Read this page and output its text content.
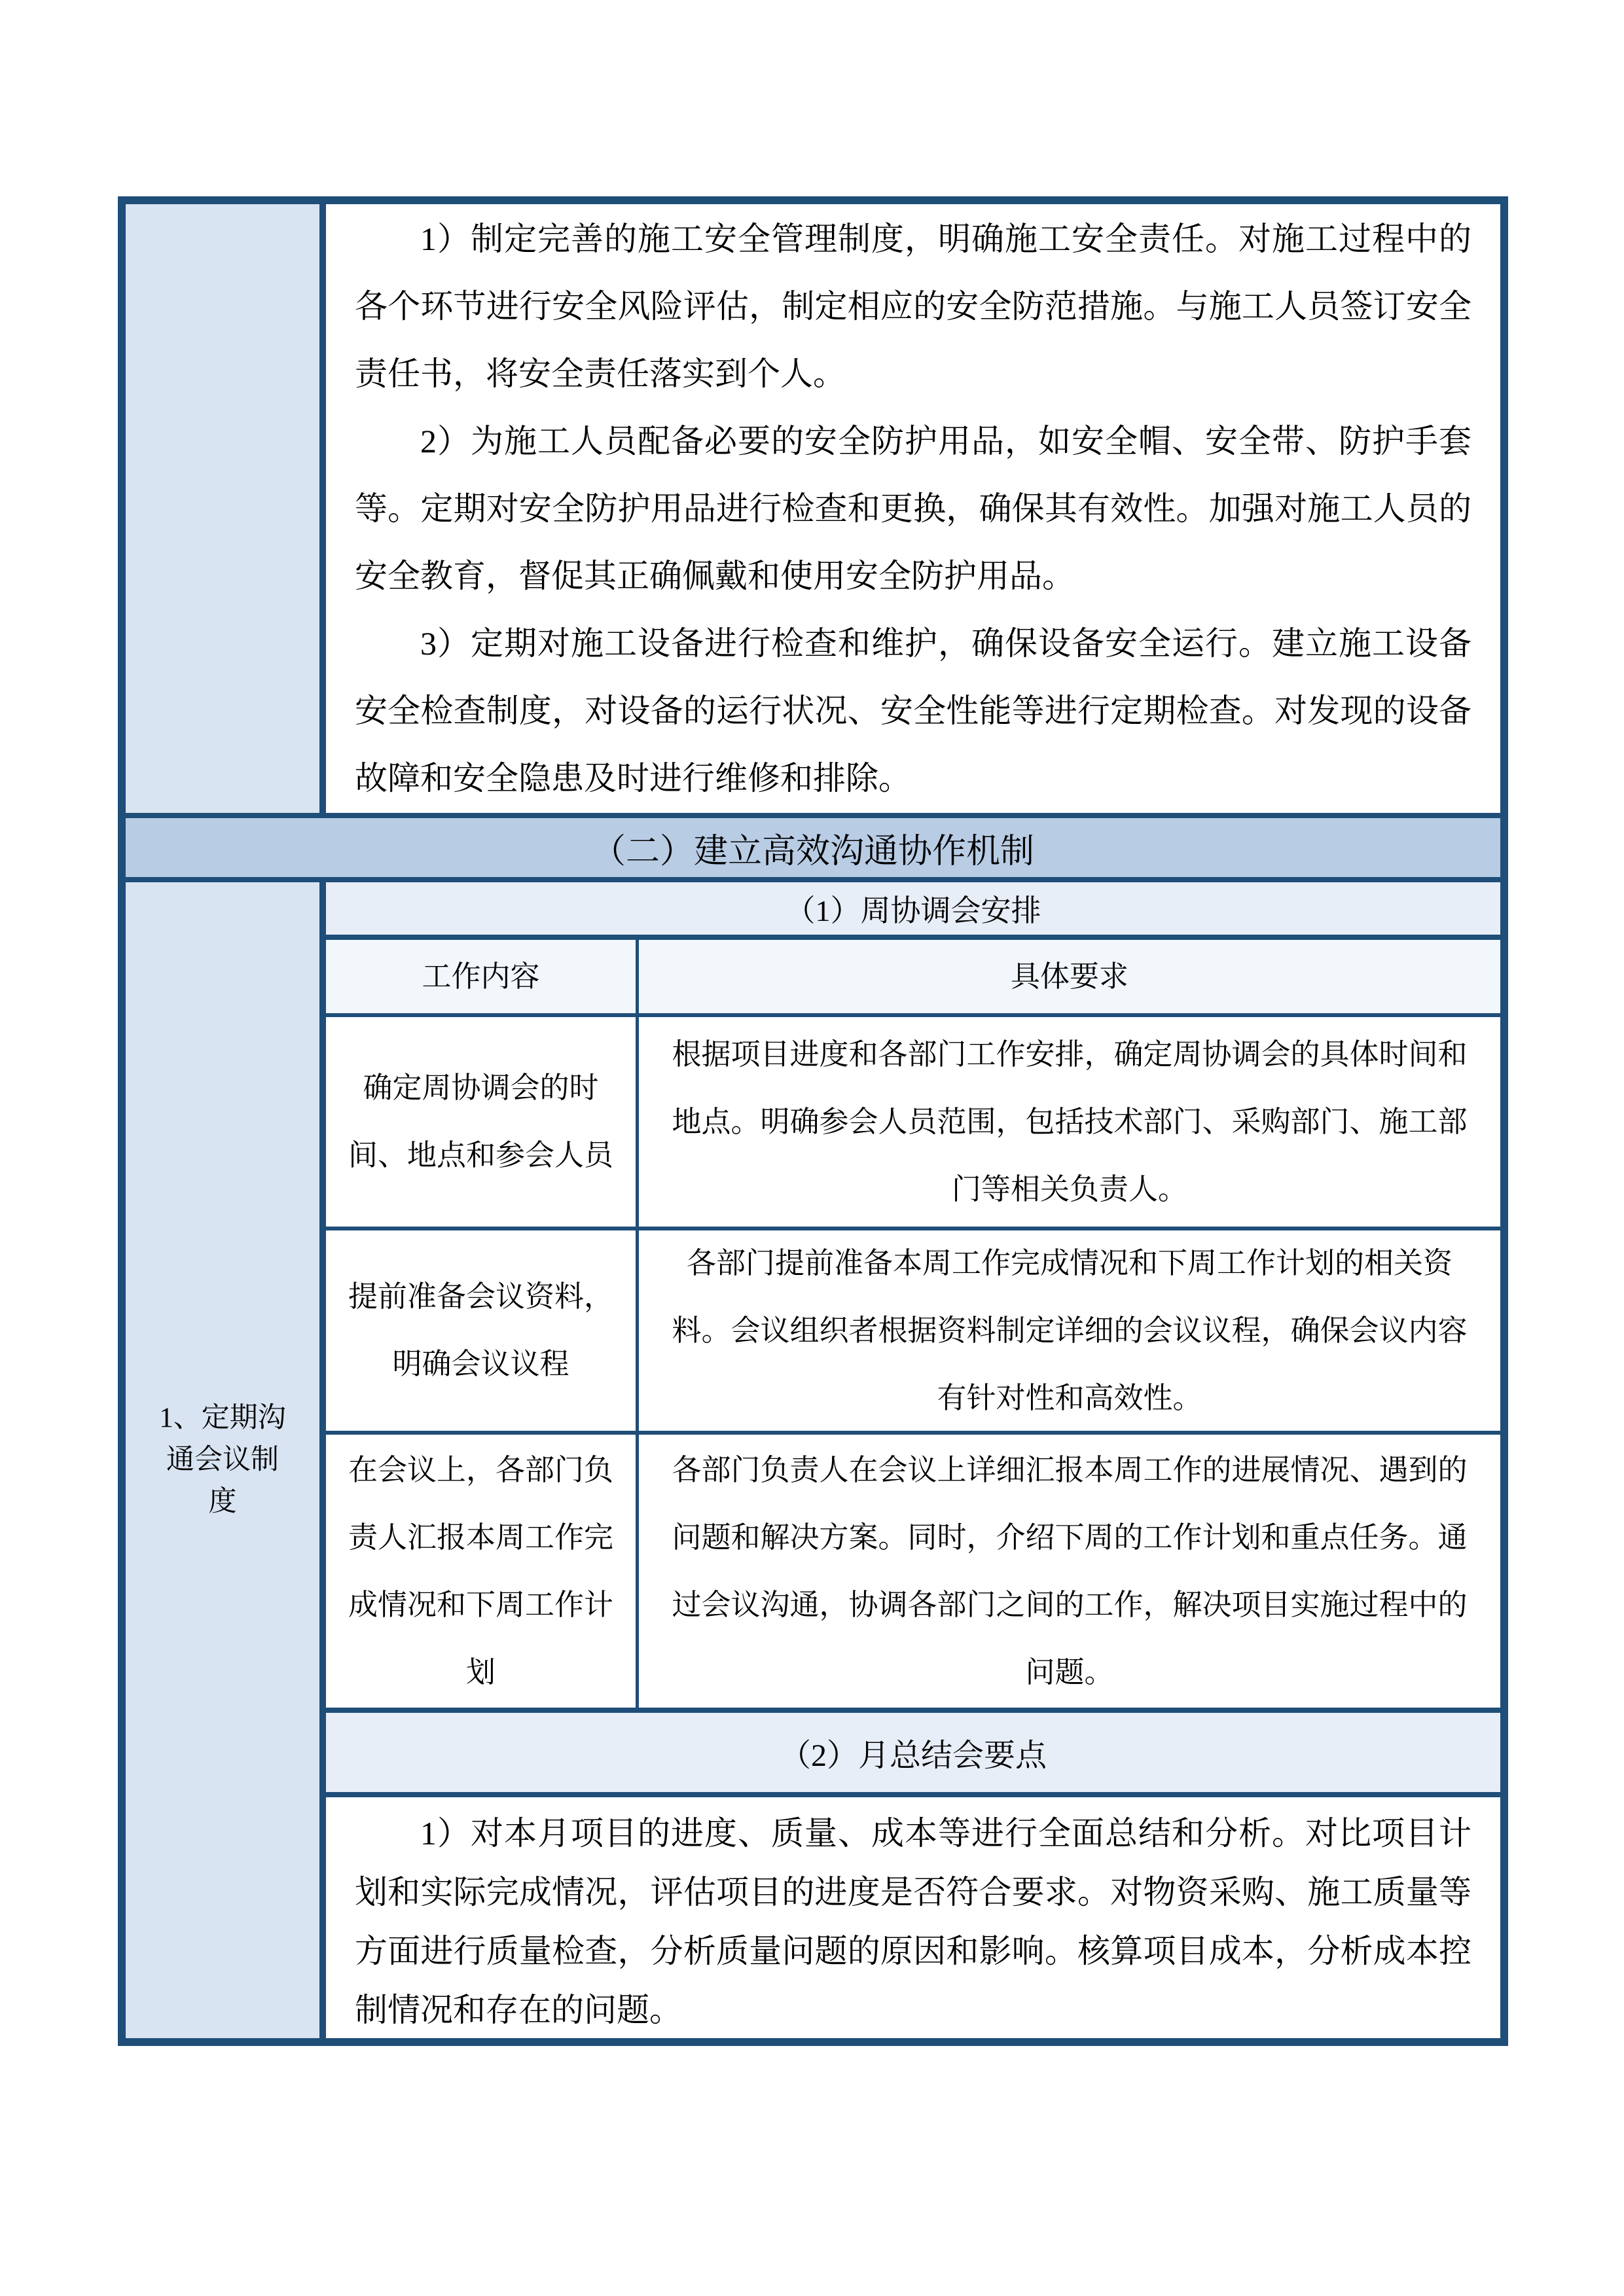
1）制定完善的施工安全管理制度，明确施工安全责任。对施工过程中的各个环节进行安全风险评估，制定相应的安全防范措施。与施工人员签订安全责任书，将安全责任落实到个人。

2）为施工人员配备必要的安全防护用品，如安全帽、安全带、防护手套等。定期对安全防护用品进行检查和更换，确保其有效性。加强对施工人员的安全教育，督促其正确佩戴和使用安全防护用品。

3）定期对施工设备进行检查和维护，确保设备安全运行。建立施工设备安全检查制度，对设备的运行状况、安全性能等进行定期检查。对发现的设备故障和安全隐患及时进行维修和排除。

（二）建立高效沟通协作机制
1、定期沟通会议制度
（1）周协调会安排
工作内容	具体要求
确定周协调会的时间、地点和参会人员
根据项目进度和各部门工作安排，确定周协调会的具体时间和地点。明确参会人员范围，包括技术部门、采购部门、施工部门等相关负责人。
提前准备会议资料，明确会议议程
各部门提前准备本周工作完成情况和下周工作计划的相关资料。会议组织者根据资料制定详细的会议议程，确保会议内容有针对性和高效性。
在会议上，各部门负责人汇报本周工作完成情况和下周工作计划
各部门负责人在会议上详细汇报本周工作的进展情况、遇到的问题和解决方案。同时，介绍下周的工作计划和重点任务。通过会议沟通，协调各部门之间的工作，解决项目实施过程中的问题。
（2）月总结会要点

1）对本月项目的进度、质量、成本等进行全面总结和分析。对比项目计划和实际完成情况，评估项目的进度是否符合要求。对物资采购、施工质量等方面进行质量检查，分析质量问题的原因和影响。核算项目成本，分析成本控制情况和存在的问题。
